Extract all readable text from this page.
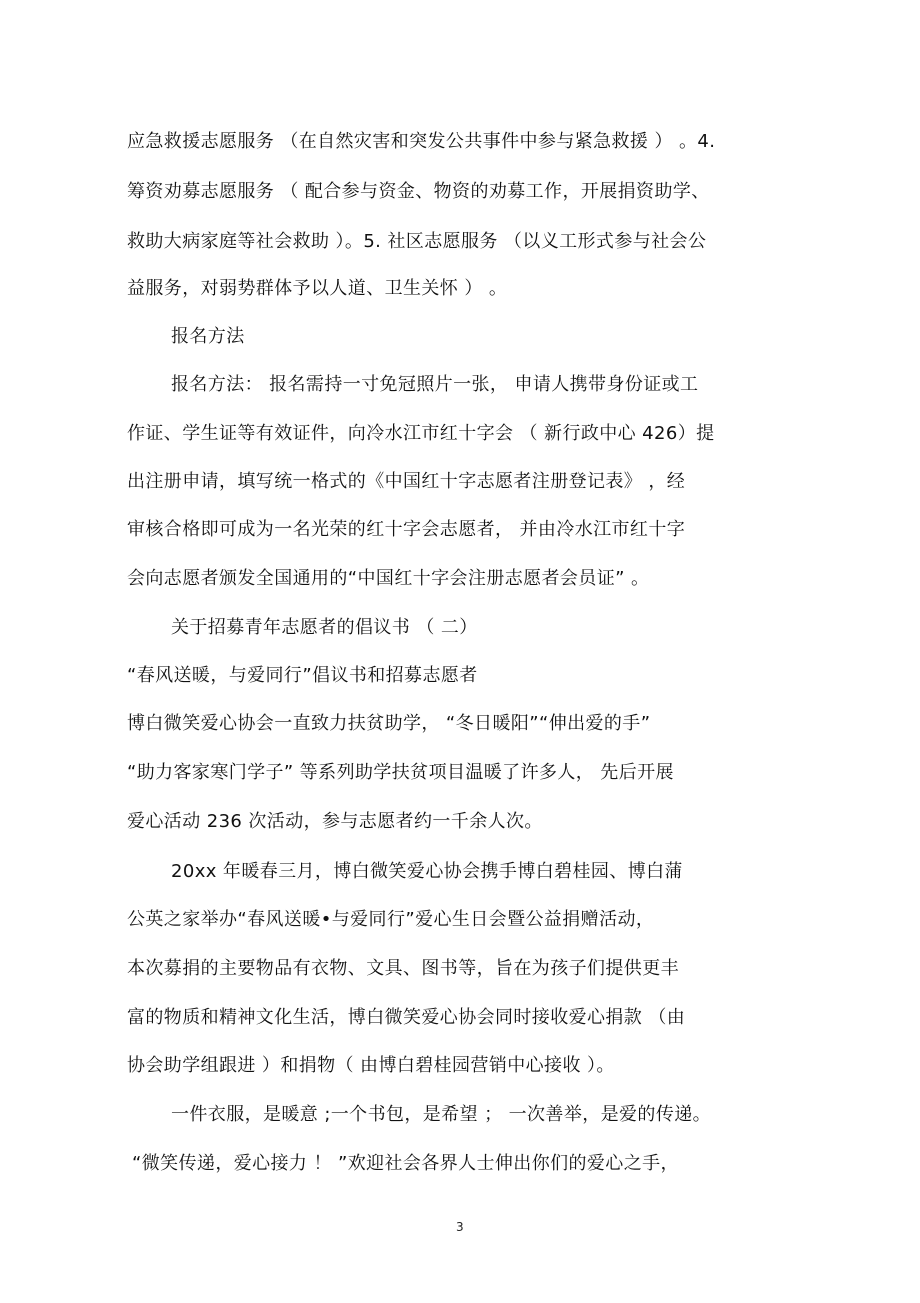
应急救援志愿服务 （在自然灾害和突发公共事件中参与紧急救援 ） 。4.
筹资劝募志愿服务 （ 配合参与资金、物资的劝募工作，开展捐资助学、
救助大病家庭等社会救助 ）。5. 社区志愿服务 （以义工形式参与社会公
益服务，对弱势群体予以人道、卫生关怀 ） 。
报名方法
报名方法： 报名需持一寸免冠照片一张， 申请人携带身份证或工
作证、学生证等有效证件，向冷水江市红十字会 （ 新行政中心 426）提
出注册申请，填写统一格式的《中国红十字志愿者注册登记表》 ，经
审核合格即可成为一名光荣的红十字会志愿者， 并由冷水江市红十字
会向志愿者颁发全国通用的“中国红十字会注册志愿者会员证” 。
关于招募青年志愿者的倡议书 （ 二）
“春风送暖，与爱同行”倡议书和招募志愿者
博白微笑爱心协会一直致力扶贫助学， “冬日暖阳”“伸出爱的手”
“助力客家寒门学子” 等系列助学扶贫项目温暖了许多人， 先后开展
爱心活动 236 次活动，参与志愿者约一千余人次。
20xx 年暖春三月，博白微笑爱心协会携手博白碧桂园、博白蒲
公英之家举办“春风送暖•与爱同行”爱心生日会暨公益捐赠活动，
本次募捐的主要物品有衣物、文具、图书等，旨在为孩子们提供更丰
富的物质和精神文化生活，博白微笑爱心协会同时接收爱心捐款 （由
协会助学组跟进 ）和捐物（ 由博白碧桂园营销中心接收 ）。
一件衣服，是暖意 ;一个书包，是希望 ； 一次善举，是爱的传递。
“微笑传递，爱心接力 ！ ”欢迎社会各界人士伸出你们的爱心之手，
3
